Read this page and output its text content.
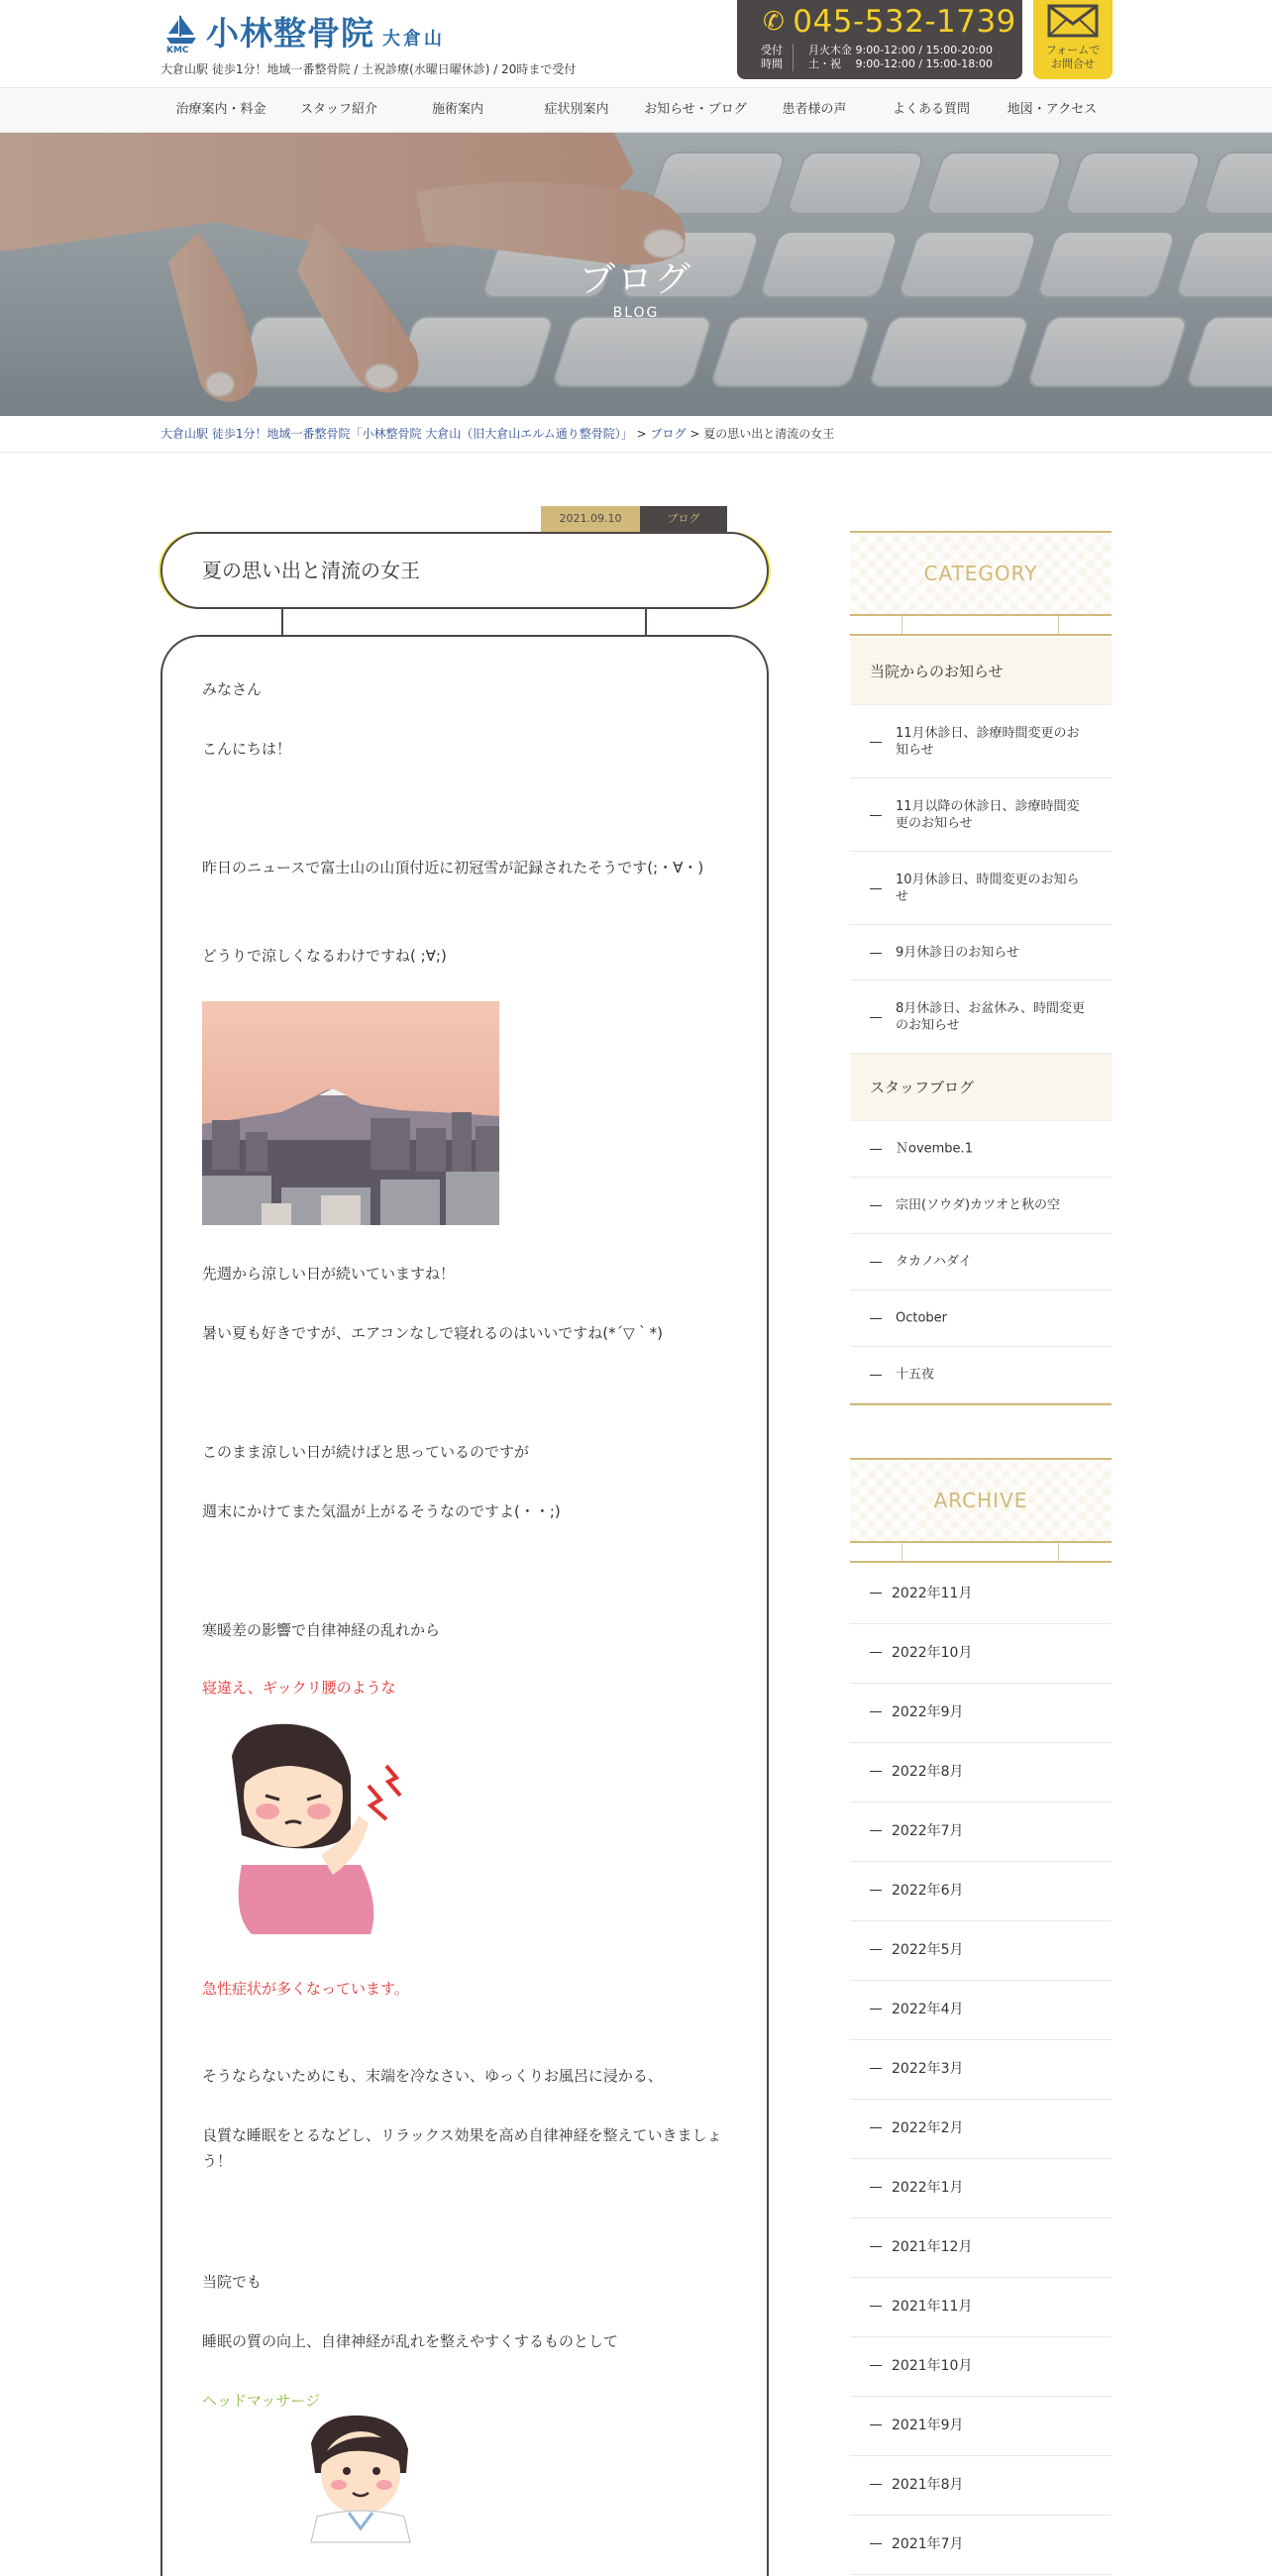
KMC 小林整骨院 大倉山
大倉山駅 徒歩1分！地域一番整骨院 / 土祝診療(水曜日曜休診) / 20時まで受付
✆ 045-532-1739
受付
時間
月火木金 9:00-12:00 / 15:00-20:00
土・祝　 9:00-12:00 / 15:00-18:00
フォームで
お問合せ
治療案内・料金	スタッフ紹介	施術案内	症状別案内	お知らせ・ブログ	患者様の声	よくある質問	地図・アクセス
ブログ
BLOG
大倉山駅 徒歩1分！地域一番整骨院「小林整骨院 大倉山（旧大倉山エルム通り整骨院）」 > ブログ > 夏の思い出と清流の女王
2021.09.10	ブログ
夏の思い出と清流の女王
みなさん
こんにちは！
昨日のニュースで富士山の山頂付近に初冠雪が記録されたそうです(;・∀・)
どうりで涼しくなるわけですね( ;∀;)
先週から涼しい日が続いていますね！
暑い夏も好きですが、エアコンなしで寝れるのはいいですね(*´▽｀*)
このまま涼しい日が続けばと思っているのですが
週末にかけてまた気温が上がるそうなのですよ(・・;)
寒暖差の影響で自律神経の乱れから
寝違え、ギックリ腰のような
急性症状が多くなっています。
そうならないためにも、末端を冷なさい、ゆっくりお風呂に浸かる、
良質な睡眠をとるなどし、リラックス効果を高め自律神経を整えていきましょう！
当院でも
睡眠の質の向上、自律神経が乱れを整えやすくするものとして
ヘッドマッサージ
CATEGORY
当院からのお知らせ
11月休診日、診療時間変更のお知らせ
11月以降の休診日、診療時間変更のお知らせ
10月休診日、時間変更のお知らせ
9月休診日のお知らせ
8月休診日、お盆休み、時間変更のお知らせ
スタッフブログ
Ｎovembe.1
宗田(ソウダ)カツオと秋の空
タカノハダイ
October
十五夜
ARCHIVE
2022年11月
2022年10月
2022年9月
2022年8月
2022年7月
2022年6月
2022年5月
2022年4月
2022年3月
2022年2月
2022年1月
2021年12月
2021年11月
2021年10月
2021年9月
2021年8月
2021年7月
